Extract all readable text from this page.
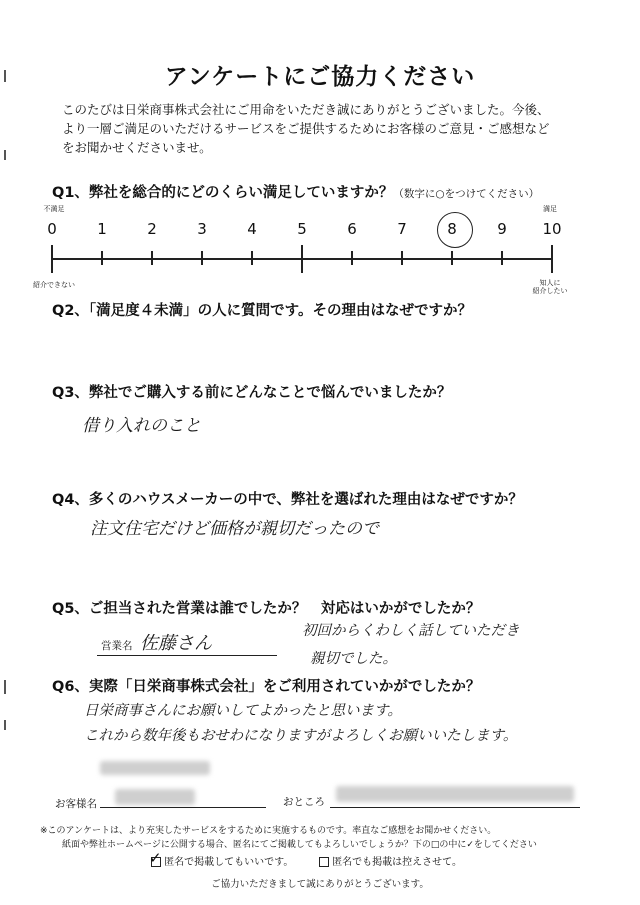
アンケートにご協力ください
このたびは日栄商事株式会社にご用命をいただき誠にありがとうございました。今後、
より一層ご満足のいただけるサービスをご提供するためにお客様のご意見・ご感想など
をお聞かせくださいませ。
Q1、弊社を総合的にどのくらい満足していますか？（数字に○をつけてください）
不満足	満足
0	1	2	3	4	5	6	7	8	9	10
紹介できない	知人に
紹介したい
Q2、「満足度４未満」の人に質問です。その理由はなぜですか？
Q3、弊社でご購入する前にどんなことで悩んでいましたか？
借り入れのこと
Q4、多くのハウスメーカーの中で、弊社を選ばれた理由はなぜですか？
注文住宅だけど価格が親切だったので
Q5、ご担当された営業は誰でしたか？　対応はいかがでしたか？
営業名 佐藤さん
初回からくわしく話していただき
親切でした。
Q6、実際「日栄商事株式会社」をご利用されていかがでしたか？
日栄商事さんにお願いしてよかったと思います。
これから数年後もおせわになりますがよろしくお願いいたします。
お客様名	おところ
※このアンケートは、より充実したサービスをするために実施するものです。率直なご感想をお聞かせください。
紙面や弊社ホームページに公開する場合、匿名にてご掲載してもよろしいでしょうか？下の□の中に✓をしてください
✓ 匿名で掲載してもいいです。	匿名でも掲載は控えさせて。
ご協力いただきまして誠にありがとうございます。
